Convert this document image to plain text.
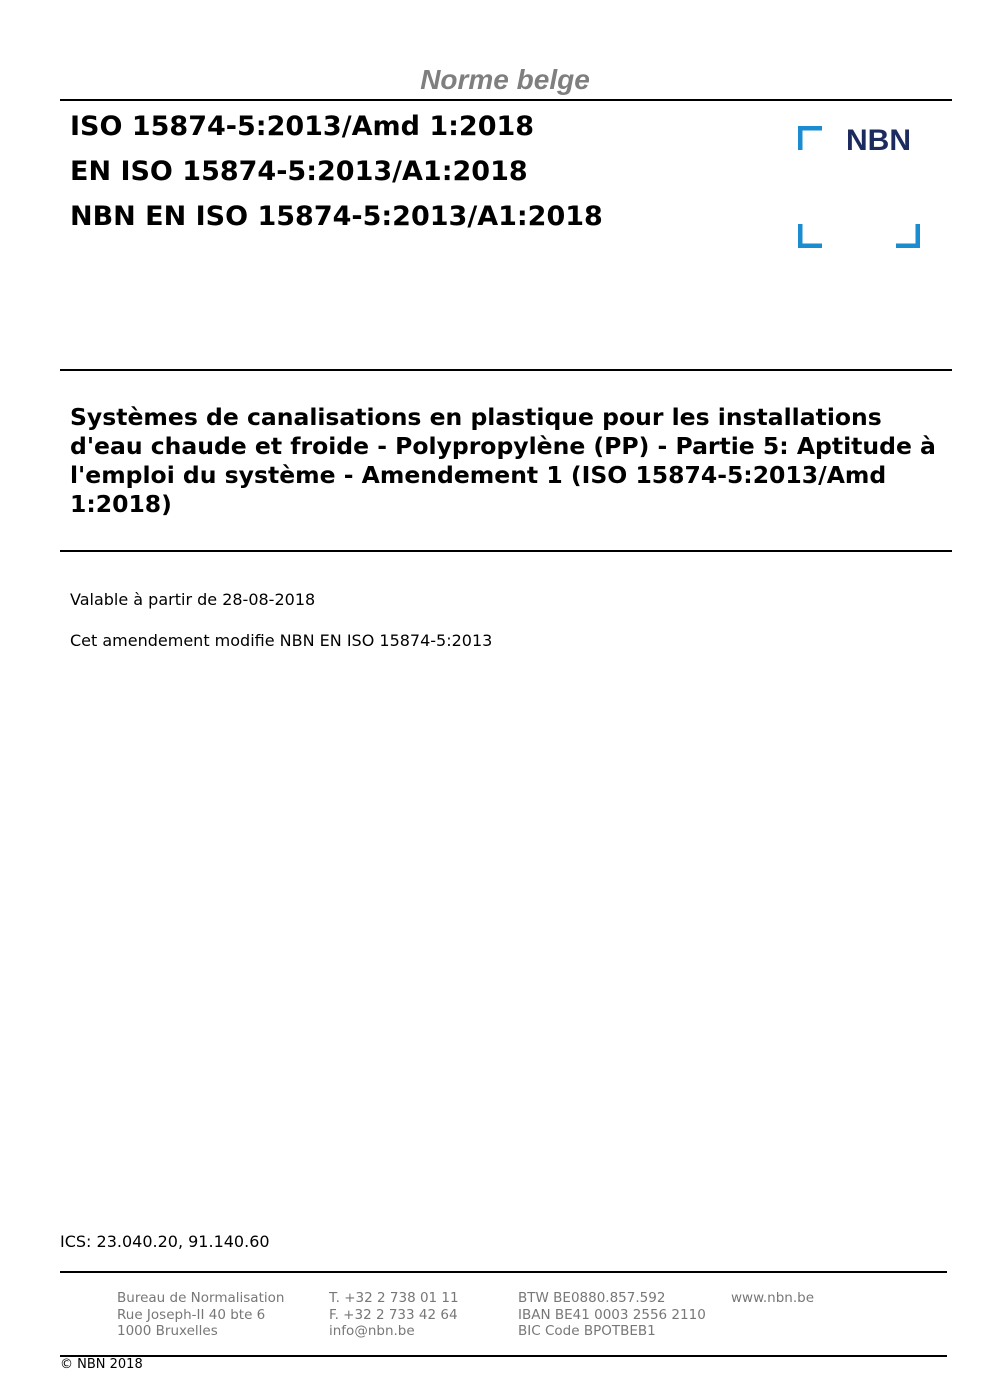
Norme belge
ISO 15874-5:2013/Amd 1:2018
EN ISO 15874-5:2013/A1:2018
NBN EN ISO 15874-5:2013/A1:2018
NBN
Systèmes de canalisations en plastique pour les installations d'eau chaude et froide - Polypropylène (PP) - Partie 5: Aptitude à l'emploi du système - Amendement 1 (ISO 15874-5:2013/Amd 1:2018)
Valable à partir de 28-08-2018
Cet amendement modifie NBN EN ISO 15874-5:2013
ICS: 23.040.20, 91.140.60
Bureau de Normalisation
Rue Joseph-II 40 bte 6
1000 Bruxelles
T. +32 2 738 01 11
F. +32 2 733 42 64
info@nbn.be
BTW BE0880.857.592
IBAN BE41 0003 2556 2110
BIC Code BPOTBEB1
www.nbn.be
© NBN 2018
